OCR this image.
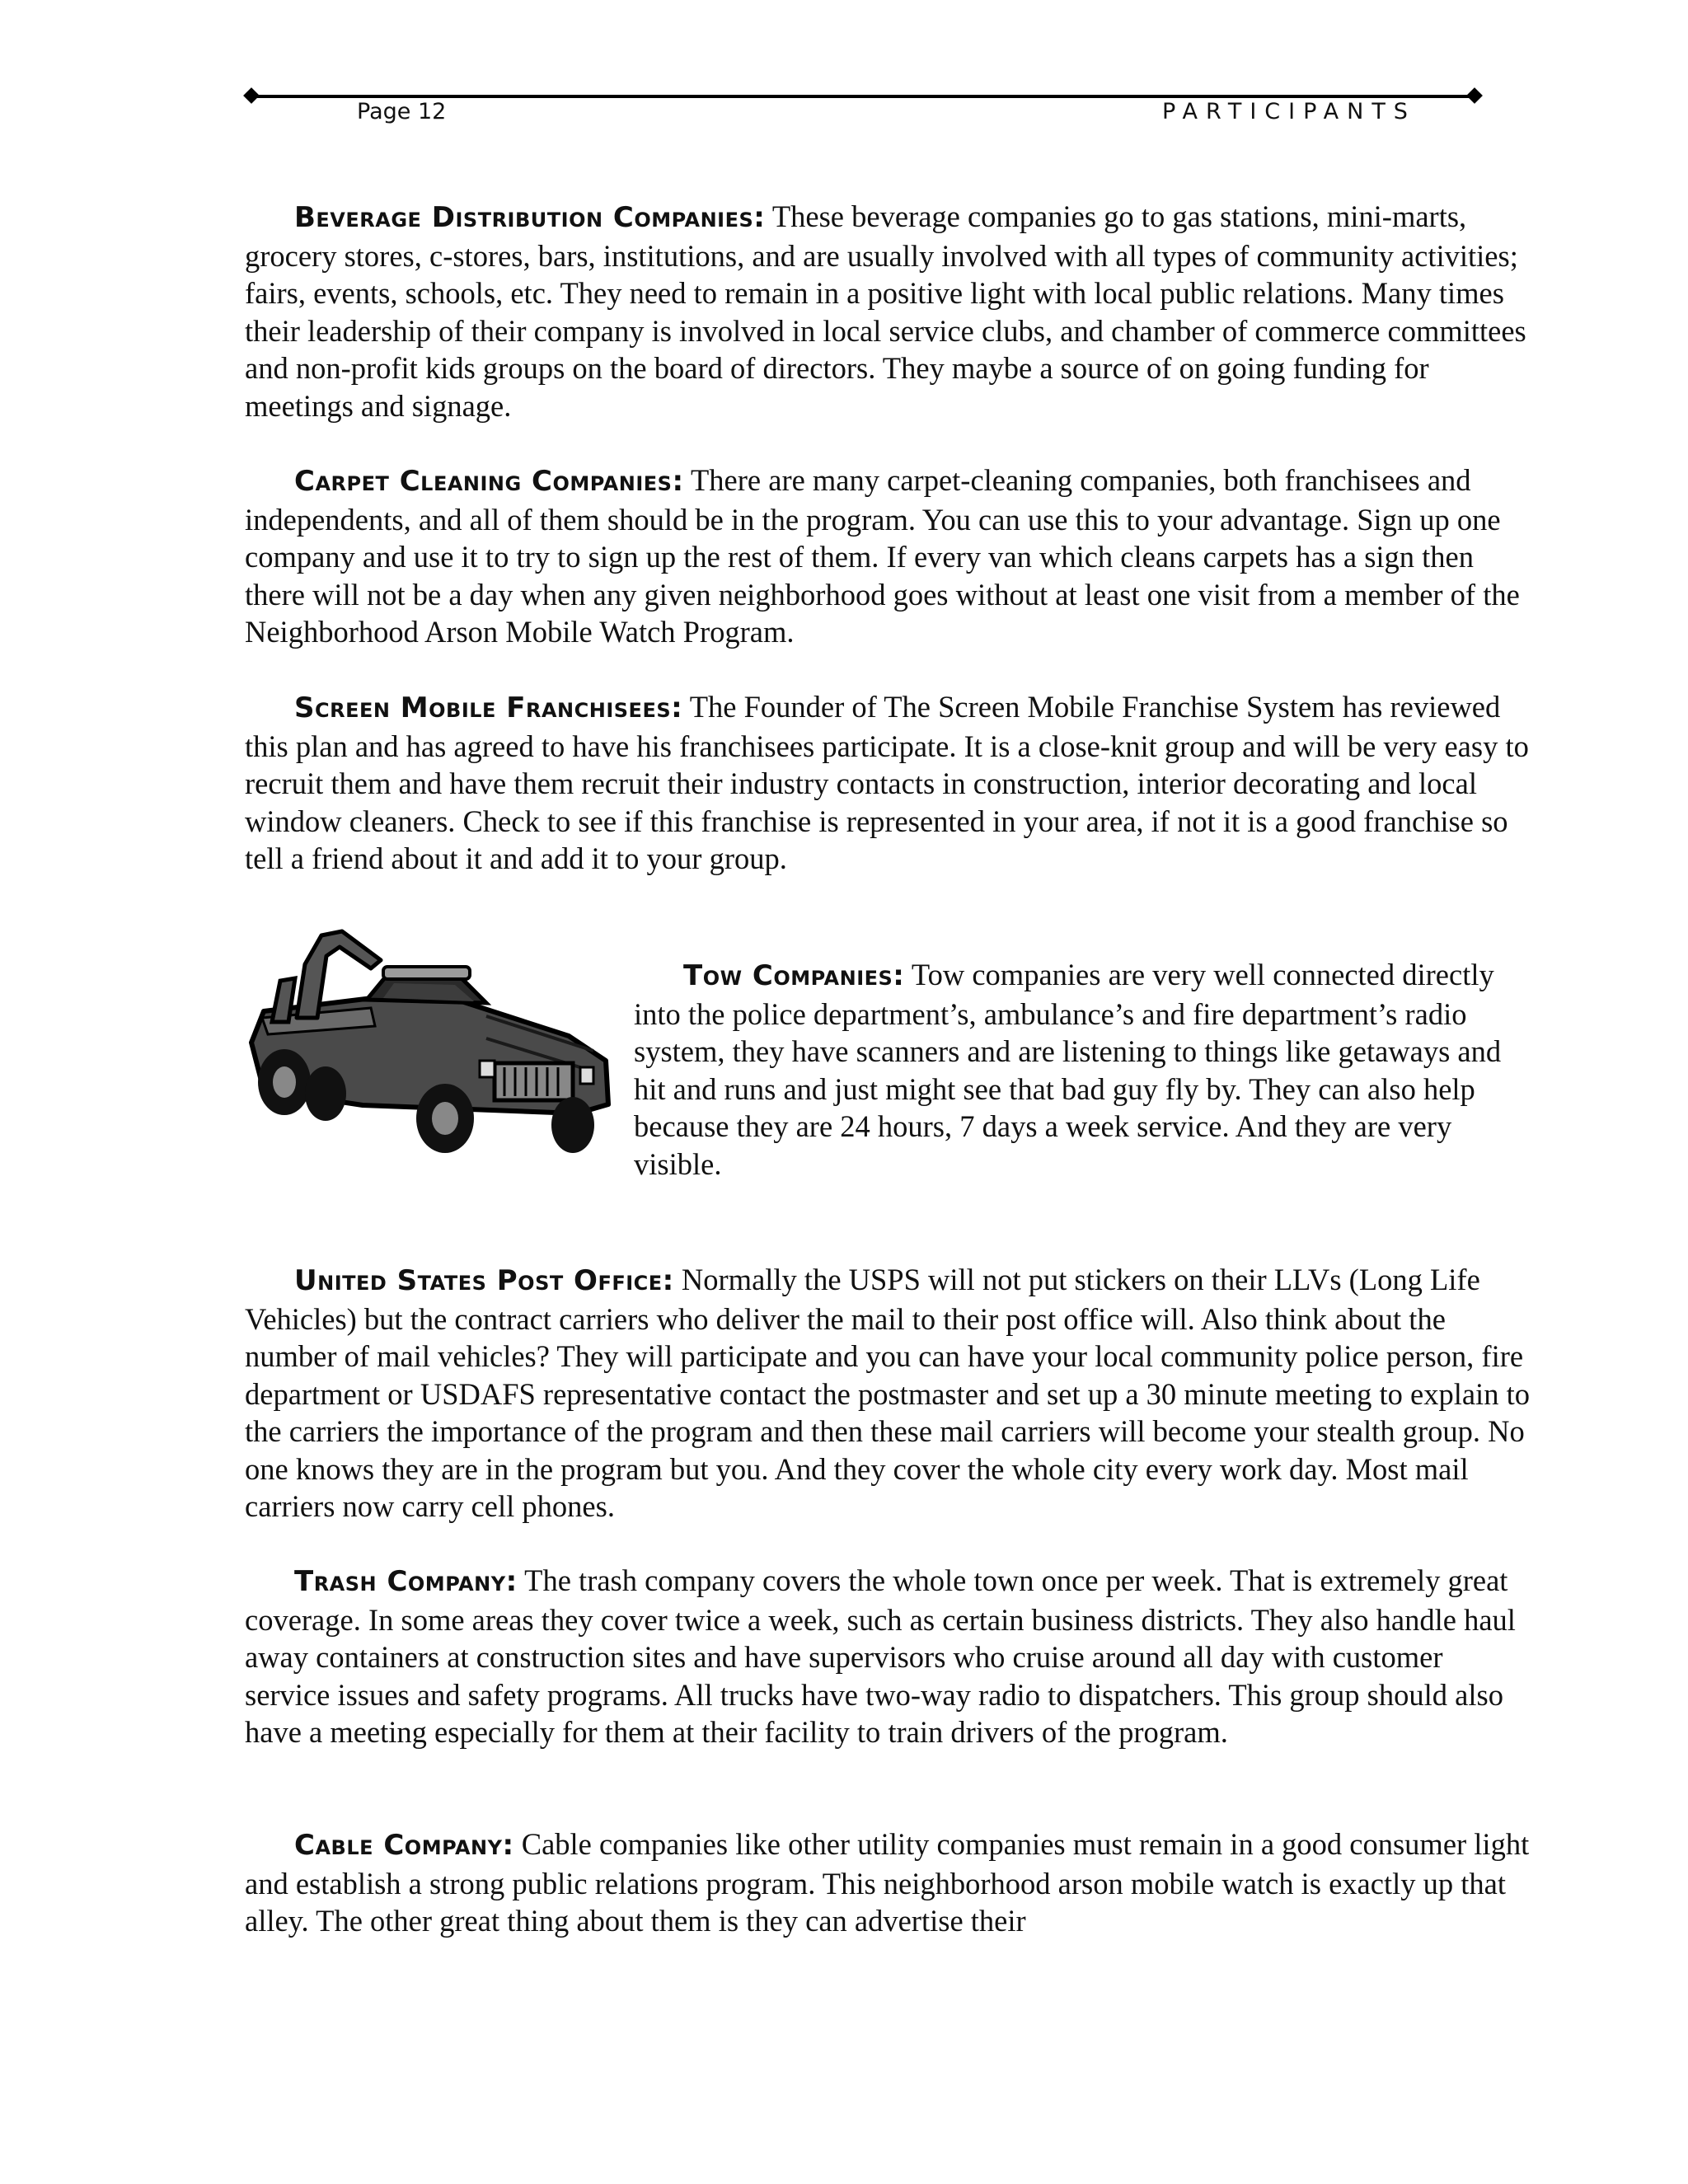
Page 12	PARTICIPANTS

Beverage Distribution Companies: These beverage companies go to gas stations, mini-marts, grocery stores, c-stores, bars, institutions, and are usually involved with all types of community activities; fairs, events, schools, etc. They need to remain in a positive light with local public relations. Many times their leadership of their company is involved in local service clubs, and chamber of commerce committees and non-profit kids groups on the board of directors. They maybe a source of on going funding for meetings and signage.

Carpet Cleaning Companies: There are many carpet-cleaning companies, both franchisees and independents, and all of them should be in the program. You can use this to your advantage. Sign up one company and use it to try to sign up the rest of them. If every van which cleans carpets has a sign then there will not be a day when any given neighborhood goes without at least one visit from a member of the Neighborhood Arson Mobile Watch Program.

Screen Mobile Franchisees: The Founder of The Screen Mobile Franchise System has reviewed this plan and has agreed to have his franchisees participate. It is a close-knit group and will be very easy to recruit them and have them recruit their industry contacts in construction, interior decorating and local window cleaners. Check to see if this franchise is represented in your area, if not it is a good franchise so tell a friend about it and add it to your group.

Tow Companies: Tow companies are very well connected directly into the police department’s, ambulance’s and fire department’s radio system, they have scanners and are listening to things like getaways and hit and runs and just might see that bad guy fly by. They can also help because they are 24 hours, 7 days a week service. And they are very visible.

United States Post Office: Normally the USPS will not put stickers on their LLVs (Long Life Vehicles) but the contract carriers who deliver the mail to their post office will. Also think about the number of mail vehicles? They will participate and you can have your local community police person, fire department or USDAFS representative contact the postmaster and set up a 30 minute meeting to explain to the carriers the importance of the program and then these mail carriers will become your stealth group. No one knows they are in the program but you. And they cover the whole city every work day. Most mail carriers now carry cell phones.

Trash Company: The trash company covers the whole town once per week. That is extremely great coverage. In some areas they cover twice a week, such as certain business districts. They also handle haul away containers at construction sites and have supervisors who cruise around all day with customer service issues and safety programs. All trucks have two-way radio to dispatchers. This group should also have a meeting especially for them at their facility to train drivers of the program.

Cable Company: Cable companies like other utility companies must remain in a good consumer light and establish a strong public relations program. This neighborhood arson mobile watch is exactly up that alley. The other great thing about them is they can advertise their
